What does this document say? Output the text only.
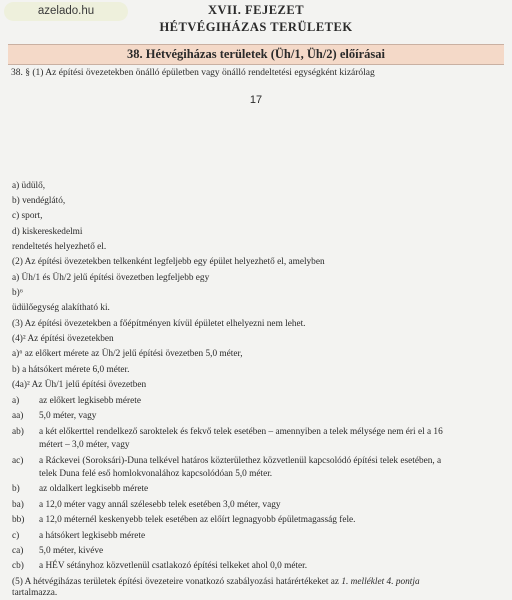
azelado.hu	XVII. FEJEZET
HÉTVÉGIHÁZAS TERÜLETEK
38. Hétvégiházas területek (Üh/1, Üh/2) előírásai
38. § (1) Az építési övezetekben önálló épületben vagy önálló rendeltetési egységként kizárólag
17
a) üdülő,
b) vendéglátó,
c) sport,
d) kiskereskedelmi
rendeltetés helyezhető el.
(2) Az építési övezetekben telkenként legfeljebb egy épület helyezhető el, amelyben
a) Üh/1 és Üh/2 jelű építési övezetben legfeljebb egy
b)⁶
üdülőegység alakítható ki.
(3) Az építési övezetekben a főépítményen kívül épületet elhelyezni nem lehet.
(4)² Az építési övezetekben
a)⁶ az előkert mérete az Üh/2 jelű építési övezetben 5,0 méter,
b) a hátsókert mérete 6,0 méter.
(4a)² Az Üh/1 jelű építési övezetben
a) az előkert legkisebb mérete
aa) 5,0 méter, vagy
ab) a két előkerttel rendelkező saroktelek és fekvő telek esetében – amennyiben a telek mélysége nem éri el a 16
métert – 3,0 méter, vagy
ac) a Ráckevei (Soroksári)-Duna telkével határos közterülethez közvetlenül kapcsolódó építési telek esetében, a
telek Duna felé eső homlokvonalához kapcsolódóan 5,0 méter.
b) az oldalkert legkisebb mérete
ba) a 12,0 méter vagy annál szélesebb telek esetében 3,0 méter, vagy
bb) a 12,0 méternél keskenyebb telek esetében az előírt legnagyobb épületmagasság fele.
c) a hátsókert legkisebb mérete
ca) 5,0 méter, kivéve
cb) a HÉV sétányhoz közvetlenül csatlakozó építési telkeket ahol 0,0 méter.
(5) A hétvégiházas területek építési övezeteire vonatkozó szabályozási határértékeket az 1. melléklet 4. pontja
tartalmazza.
